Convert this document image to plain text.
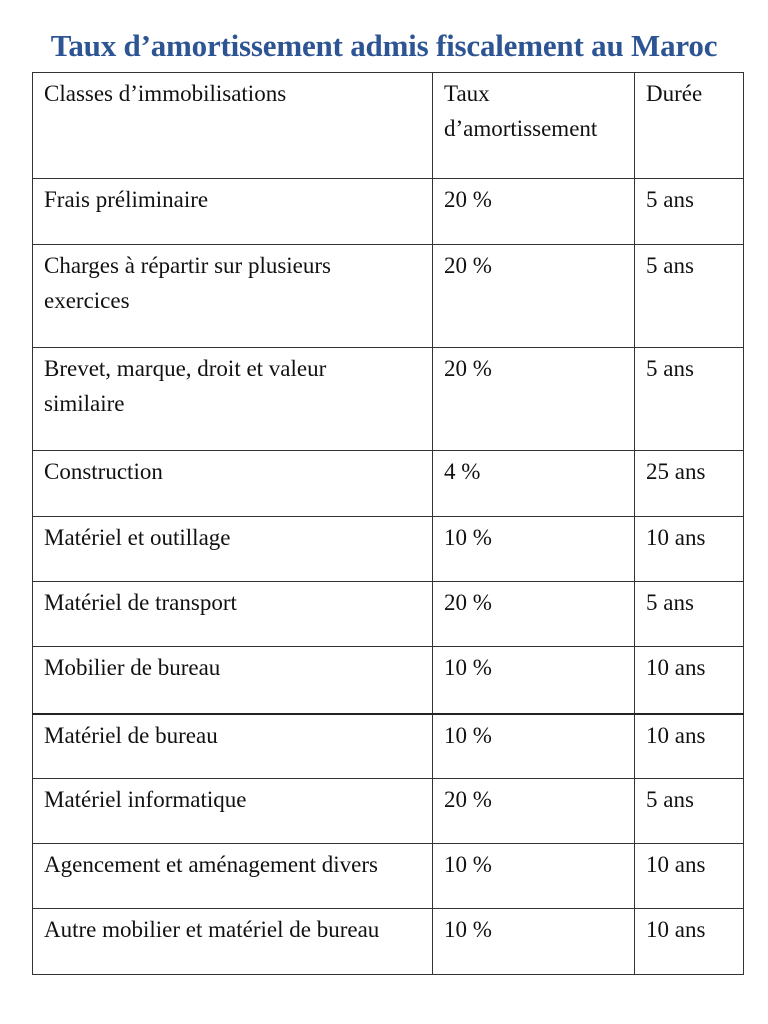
Taux d’amortissement admis fiscalement au Maroc
Classes d’immobilisations	Taux d’amortissement	Durée
Frais préliminaire	20 %	5 ans

Charges à répartir sur plusieurs exercices	20 %	5 ans

Brevet, marque, droit et valeur similaire	20 %	5 ans
Construction	4 %	25 ans
Matériel et outillage	10 %	10 ans
Matériel de transport	20 %	5 ans
Mobilier de bureau	10 %	10 ans
Matériel de bureau	10 %	10 ans
Matériel informatique	20 %	5 ans
Agencement et aménagement divers	10 %	10 ans
Autre mobilier et matériel de bureau	10 %	10 ans
